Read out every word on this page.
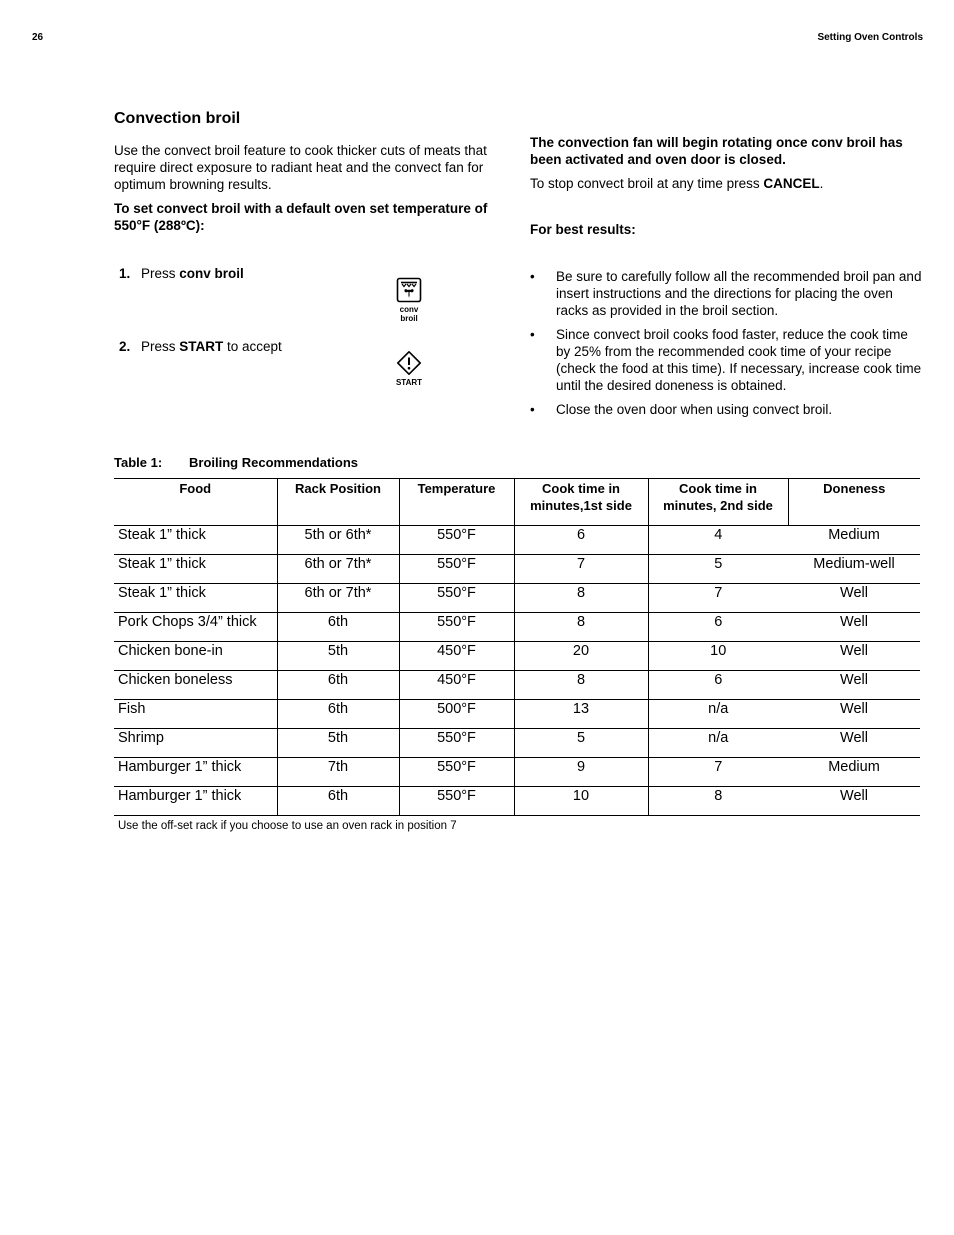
26	Setting Oven Controls
Convection broil

Use the convect broil feature to cook thicker cuts of meats that require direct exposure to radiant heat and the convect fan for optimum browning results.

To set convect broil with a default oven set temperature of 550°F (288ºC):

1. Press conv broil
conv
broil
2. Press START to accept
START

The convection fan will begin rotating once conv broil has been activated and oven door is closed.

To stop convect broil at any time press CANCEL.

For best results:

• Be sure to carefully follow all the recommended broil pan and insert instructions and the directions for placing the oven racks as provided in the broil section.
• Since convect broil cooks food faster, reduce the cook time by 25% from the recommended cook time of your recipe (check the food at this time). If necessary, increase cook time until the desired doneness is obtained.
• Close the oven door when using convect broil.
Table 1: Broiling Recommendations
Food	Rack Position	Temperature	Cook time in minutes,1st side	Cook time in minutes, 2nd side	Doneness
Steak 1” thick	5th or 6th*	550°F	6	4	Medium
Steak 1” thick	6th or 7th*	550°F	7	5	Medium-well
Steak 1” thick	6th or 7th*	550°F	8	7	Well
Pork Chops 3/4” thick	6th	550°F	8	6	Well
Chicken bone-in	5th	450°F	20	10	Well
Chicken boneless	6th	450°F	8	6	Well
Fish	6th	500°F	13	n/a	Well
Shrimp	5th	550°F	5	n/a	Well
Hamburger 1” thick	7th	550°F	9	7	Medium
Hamburger 1” thick	6th	550°F	10	8	Well
Use the off-set rack if you choose to use an oven rack in position 7
